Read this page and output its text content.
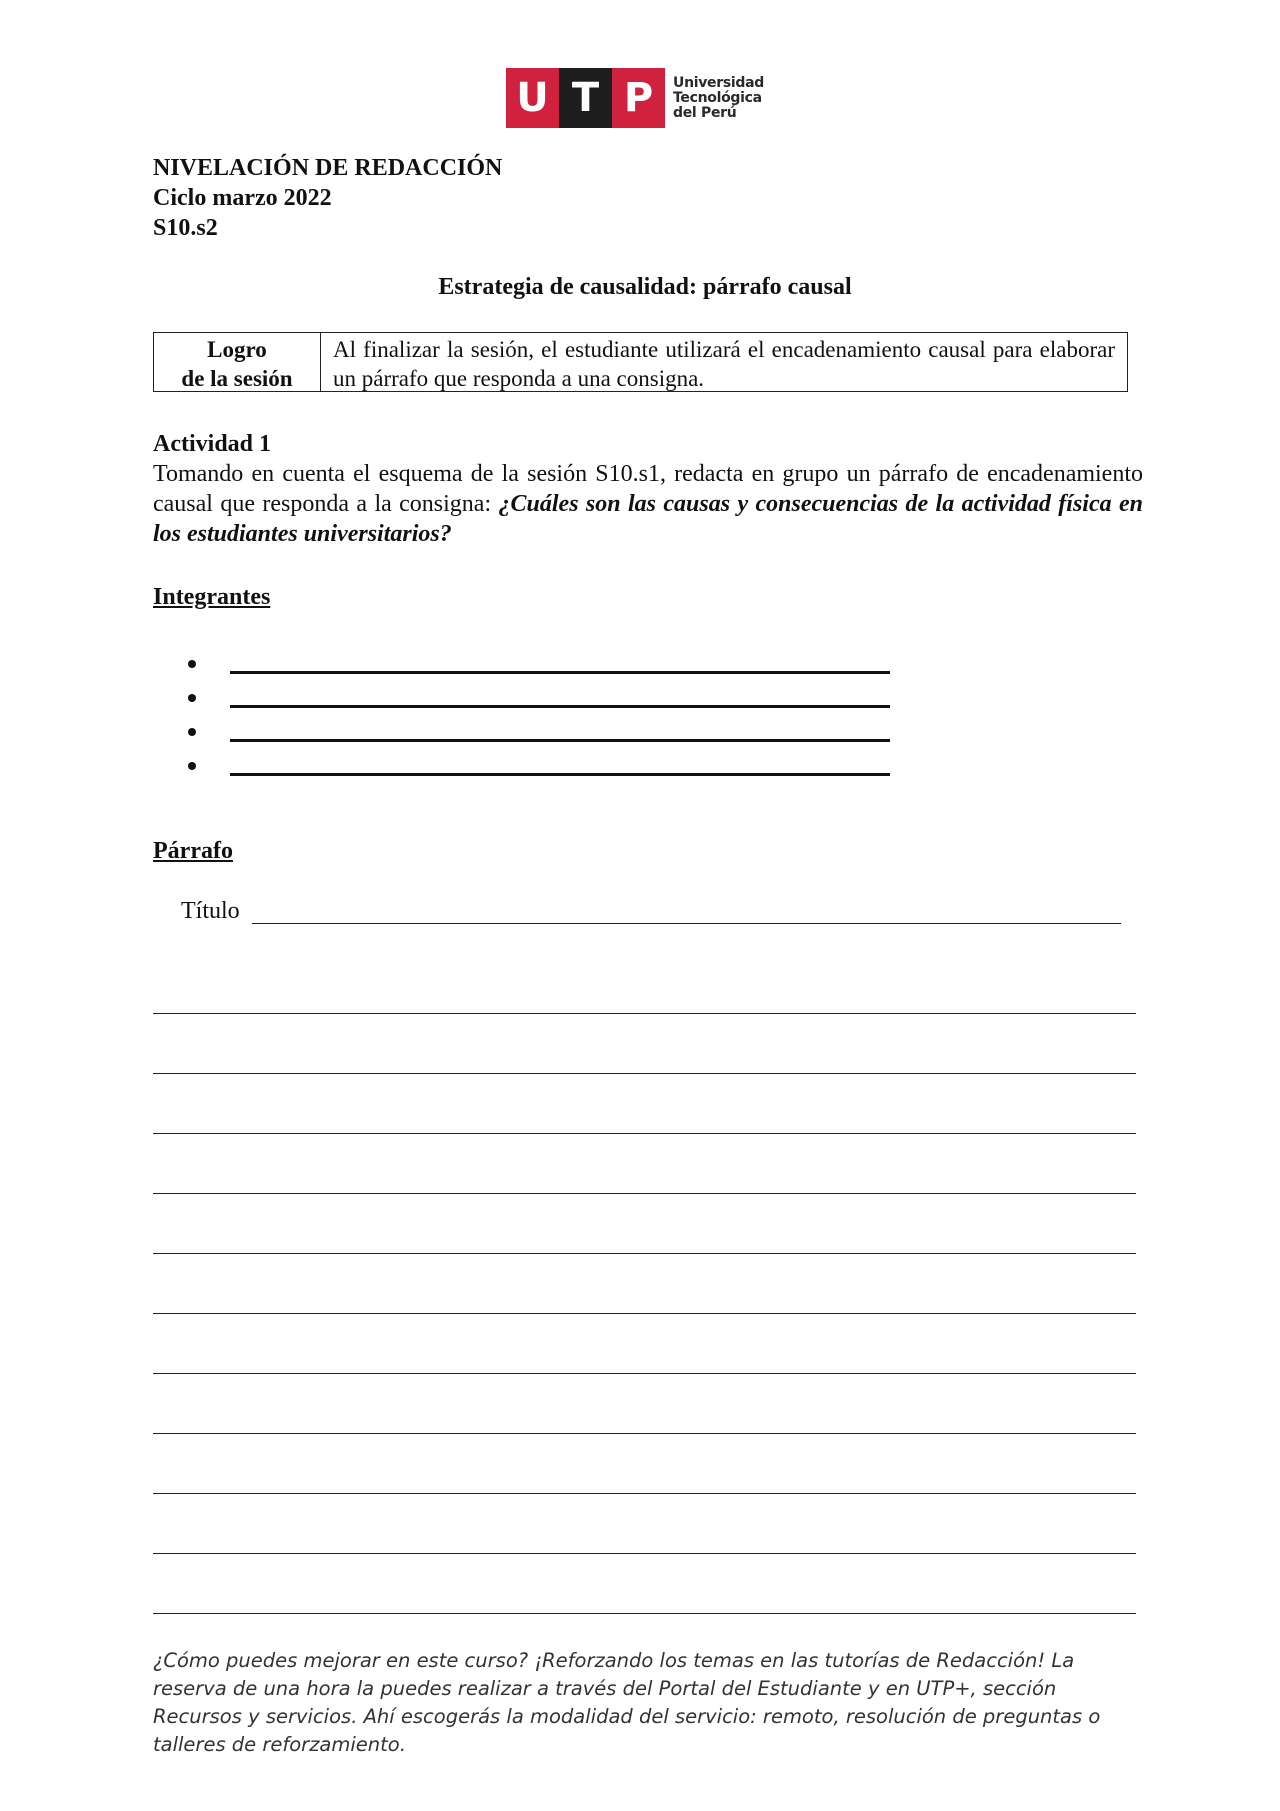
U T P	Universidad
Tecnológica
del Perú
NIVELACIÓN DE REDACCIÓN
Ciclo marzo 2022
S10.s2
Estrategia de causalidad: párrafo causal
Logro
de la sesión
Al finalizar la sesión, el estudiante utilizará el encadenamiento causal para elaborar un párrafo que responda a una consigna.
Actividad 1
Tomando en cuenta el esquema de la sesión S10.s1, redacta en grupo un párrafo de encadenamiento causal que responda a la consigna: ¿Cuáles son las causas y consecuencias de la actividad física en los estudiantes universitarios?
Integrantes
Párrafo
Título
¿Cómo puedes mejorar en este curso? ¡Reforzando los temas en las tutorías de Redacción! La reserva de una hora la puedes realizar a través del Portal del Estudiante y en UTP+, sección Recursos y servicios. Ahí escogerás la modalidad del servicio: remoto, resolución de preguntas o talleres de reforzamiento.
